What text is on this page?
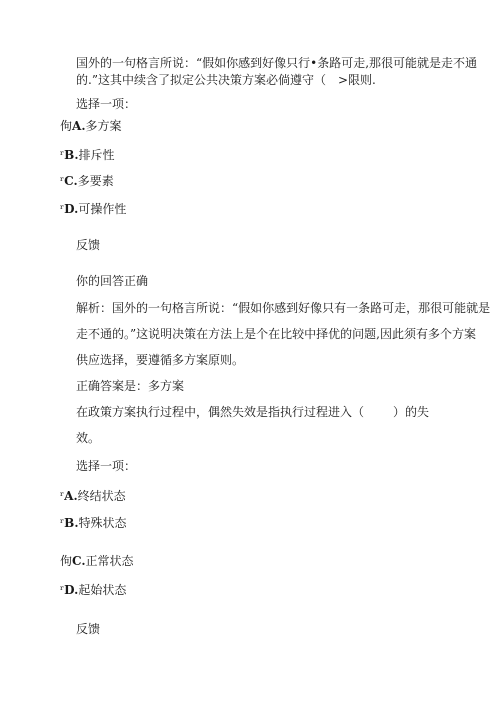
国外的一句格言所说：“假如你感到好像只行•条路可走,那很可能就是走不通
的.”这其中续含了拟定公共决策方案必倘遵守（　>限则.
选择一项：
佝A.多方案
ʳB.排斥性
ʳC.多要素
ʳD.可操作性
反馈
你的回答正确
解析：国外的一句格言所说：“假如你感到好像只有一条路可走，那很可能就是
走不通的。”这说明决策在方法上是个在比较中择优的问题,因此须有多个方案
供应选择，要遵循多方案原则。
正确答案是：多方案
在政策方案执行过程中，偶然失效是指执行过程进入（ ）的失
效。
选择一项：
ʳA.终结状态
ʳB.特殊状态
佝C.正常状态
ʳD.起始状态
反馈
